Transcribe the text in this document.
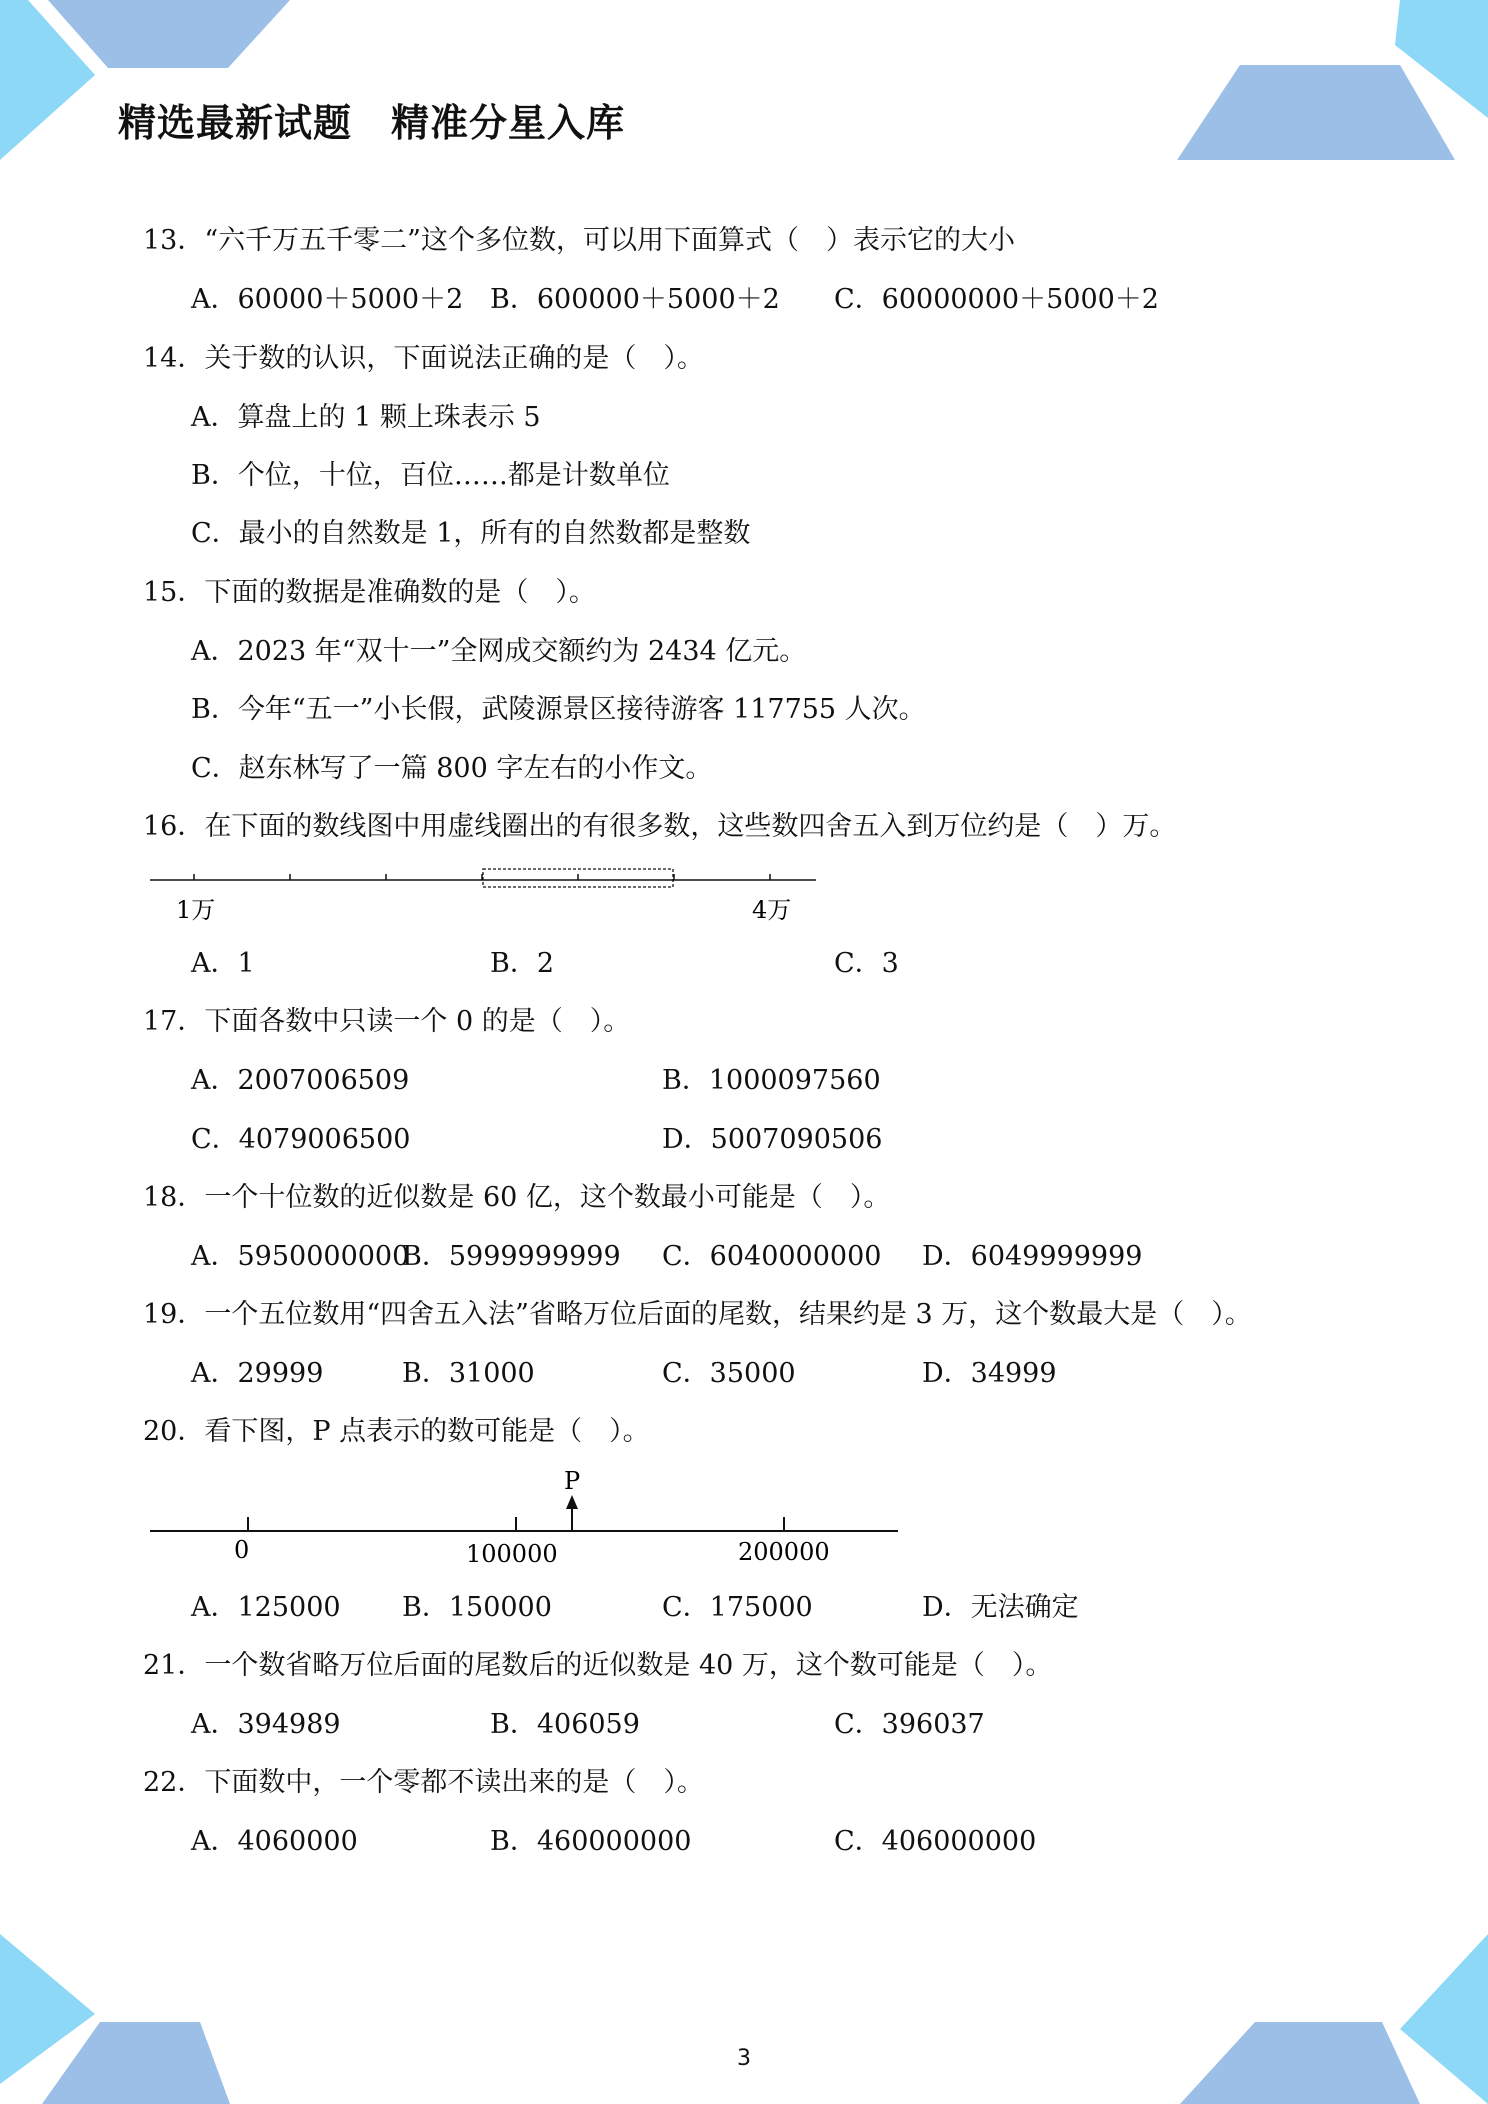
精选最新试题　精准分星入库
13．“六千万五千零二”这个多位数，可以用下面算式（　）表示它的大小
A．60000＋5000＋2 B．600000＋5000＋2 C．60000000＋5000＋2
14．关于数的认识，下面说法正确的是（　）。
A．算盘上的 1 颗上珠表示 5
B．个位，十位，百位……都是计数单位
C．最小的自然数是 1，所有的自然数都是整数
15．下面的数据是准确数的是（　）。
A．2023 年“双十一”全网成交额约为 2434 亿元。
B．今年“五一”小长假，武陵源景区接待游客 117755 人次。
C．赵东林写了一篇 800 字左右的小作文。
16．在下面的数线图中用虚线圈出的有很多数，这些数四舍五入到万位约是（　）万。
1万	4万
A．1	B．2	C．3
17．下面各数中只读一个 0 的是（　）。
A．2007006509	B．1000097560
C．4079006500	D．5007090506
18．一个十位数的近似数是 60 亿，这个数最小可能是（　）。
A．5950000000
B．5999999999 C．6040000000 D．6049999999
19．一个五位数用“四舍五入法”省略万位后面的尾数，结果约是 3 万，这个数最大是（　）。
A．29999	B．31000	C．35000	D．34999
20．看下图，P 点表示的数可能是（　）。
P
0	100000	200000
A．125000 B．150000	C．175000	D．无法确定
21．一个数省略万位后面的尾数后的近似数是 40 万，这个数可能是（　）。
A．394989	B．406059	C．396037
22．下面数中，一个零都不读出来的是（　）。
A．4060000	B．460000000	C．406000000
3
